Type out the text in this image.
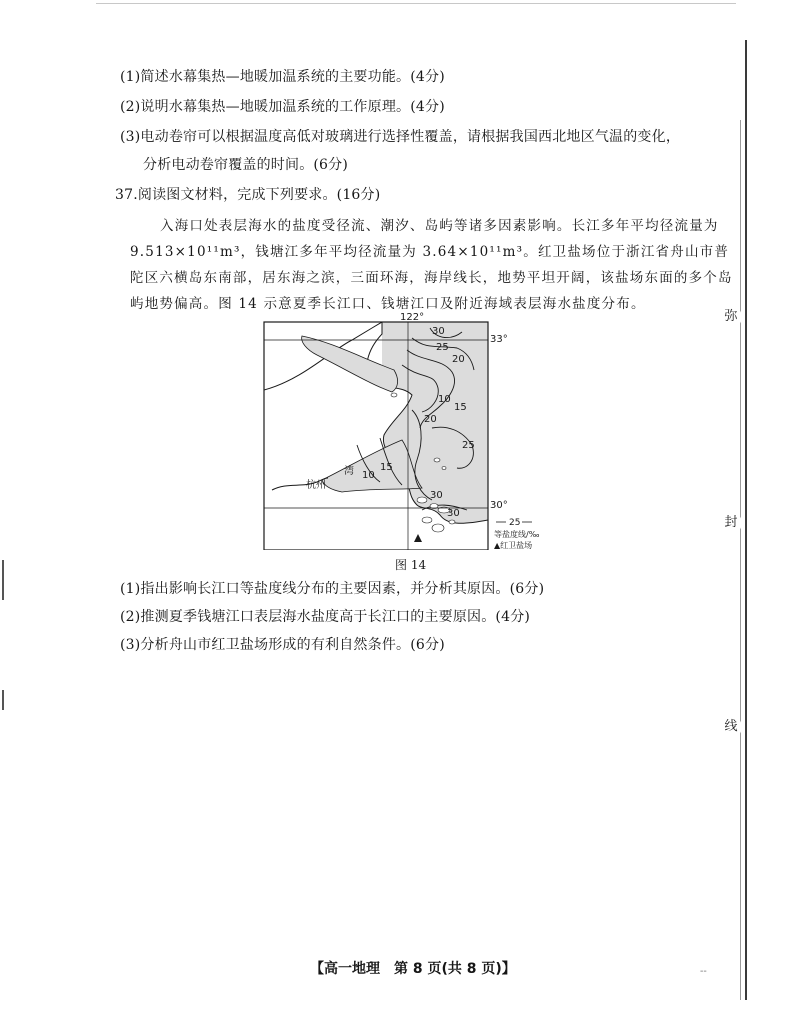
弥
封
线
(1)简述水幕集热—地暖加温系统的主要功能。(4分)
(2)说明水幕集热—地暖加温系统的工作原理。(4分)
(3)电动卷帘可以根据温度高低对玻璃进行选择性覆盖，请根据我国西北地区气温的变化，
分析电动卷帘覆盖的时间。(6分)
37.阅读图文材料，完成下列要求。(16分)
入海口处表层海水的盐度受径流、潮汐、岛屿等诸多因素影响。长江多年平均径流量为
9.513×10¹¹m³，钱塘江多年平均径流量为 3.64×10¹¹m³。红卫盐场位于浙江省舟山市普
陀区六横岛东南部，居东海之滨，三面环海，海岸线长，地势平坦开阔，该盐场东面的多个岛
屿地势偏高。图 14 示意夏季长江口、钱塘江口及附近海域表层海水盐度分布。
122°
33°
30°
30
25
20
10
15
20
25
15
10
30
30
湾
杭州
25
等盐度线/‰
▲红卫盐场
图 14
(1)指出影响长江口等盐度线分布的主要因素，并分析其原因。(6分)
(2)推测夏季钱塘江口表层海水盐度高于长江口的主要原因。(4分)
(3)分析舟山市红卫盐场形成的有利自然条件。(6分)
【高一地理　第 8 页(共 8 页)】	--
